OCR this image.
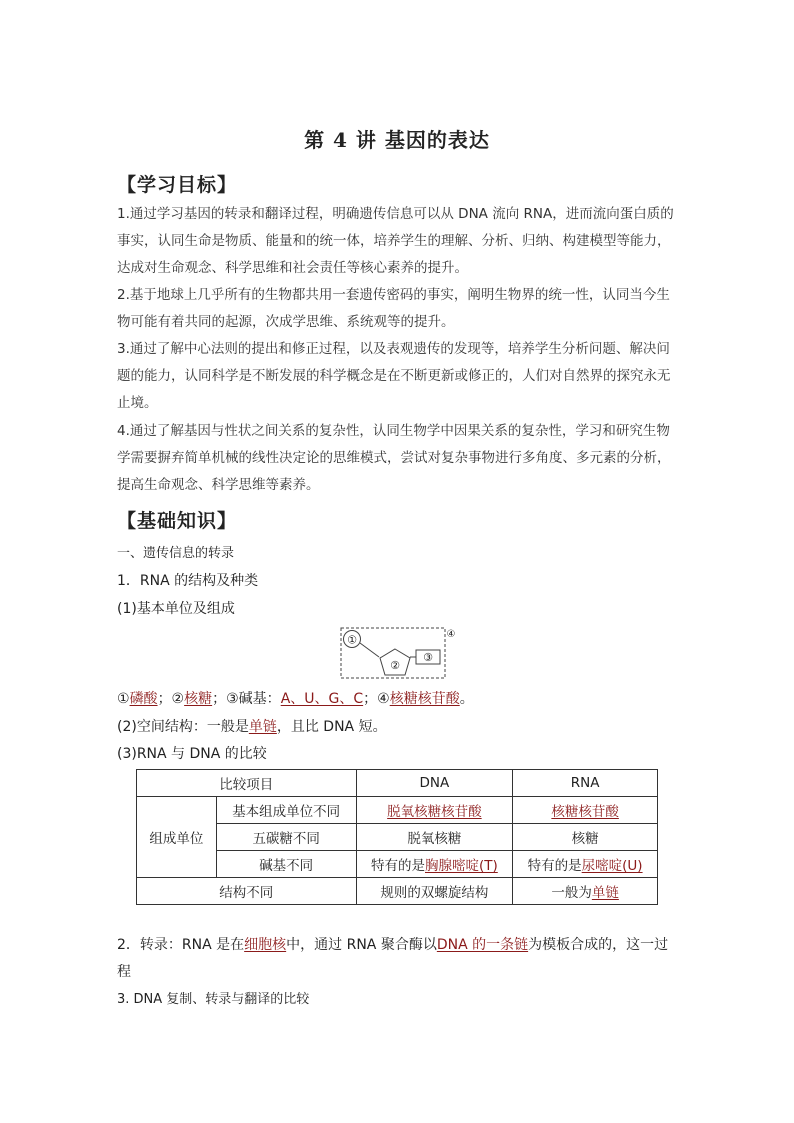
第 4 讲 基因的表达
【学习目标】
1.通过学习基因的转录和翻译过程，明确遗传信息可以从 DNA 流向 RNA，进而流向蛋白质的事实，认同生命是物质、能量和的统一体，培养学生的理解、分析、归纳、构建模型等能力，达成对生命观念、科学思维和社会责任等核心素养的提升。
2.基于地球上几乎所有的生物都共用一套遗传密码的事实，阐明生物界的统一性，认同当今生物可能有着共同的起源，次成学思维、系统观等的提升。
3.通过了解中心法则的提出和修正过程，以及表观遗传的发现等，培养学生分析问题、解决问题的能力，认同科学是不断发展的科学概念是在不断更新或修正的，人们对自然界的探究永无止境。
4.通过了解基因与性状之间关系的复杂性，认同生物学中因果关系的复杂性，学习和研究生物学需要摒弃简单机械的线性决定论的思维模式，尝试对复杂事物进行多角度、多元素的分析，提高生命观念、科学思维等素养。
【基础知识】
一、遗传信息的转录
1．RNA 的结构及种类
(1)基本单位及组成
①
②
③
④
①磷酸；②核糖；③碱基：A、U、G、C；④核糖核苷酸。
(2)空间结构：一般是单链，且比 DNA 短。
(3)RNA 与 DNA 的比较
比较项目		DNA	RNA
组成单位	基本组成单位不同	脱氧核糖核苷酸	核糖核苷酸
	五碳糖不同	脱氧核糖	核糖
	碱基不同	特有的是胸腺嘧啶(T)	特有的是尿嘧啶(U)
结构不同		规则的双螺旋结构	一般为单链
2．转录：RNA 是在细胞核中，通过 RNA 聚合酶以DNA 的一条链为模板合成的，这一过
程
3. DNA 复制、转录与翻译的比较
